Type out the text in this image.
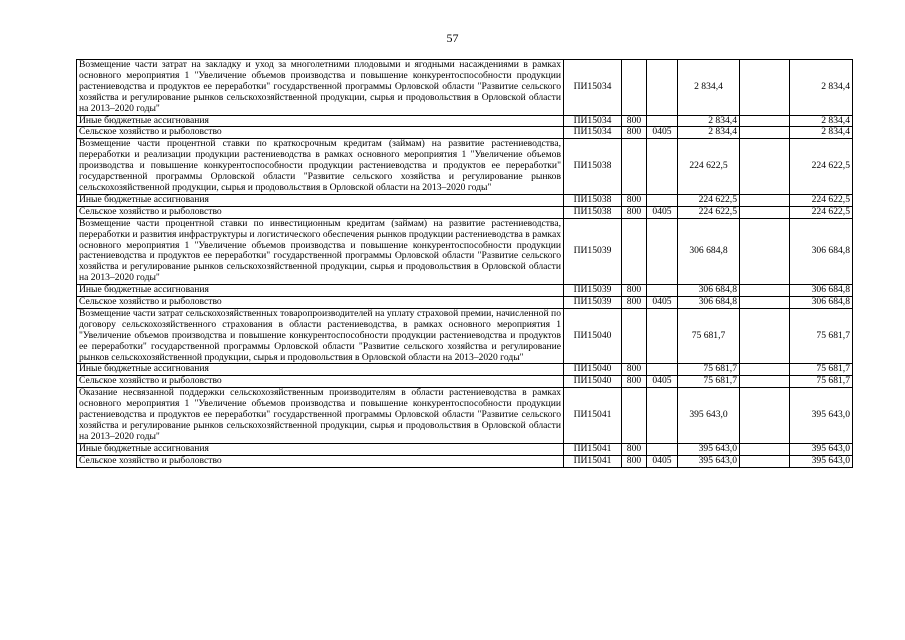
57
Возмещение части затрат на закладку и уход за многолетними плодовыми и ягодными насаждениями в рамках основного мероприятия 1 "Увеличение объемов производства и повышение конкурентоспособности продукции растениеводства и продуктов ее переработки" государственной программы Орловской области "Развитие сельского хозяйства и регулирование рынков сельскохозяйственной продукции, сырья и продовольствия в Орловской области на 2013–2020 годы"	ПИ15034			2 834,4		2 834,4
Иные бюджетные ассигнования	ПИ15034	800		2 834,4		2 834,4
Сельское хозяйство и рыболовство	ПИ15034	800	0405	2 834,4		2 834,4
Возмещение части процентной ставки по краткосрочным кредитам (займам) на развитие растениеводства, переработки и реализации продукции растениеводства в рамках основного мероприятия 1 "Увеличение объемов производства и повышение конкурентоспособности продукции растениеводства и продуктов ее переработки" государственной программы Орловской области "Развитие сельского хозяйства и регулирование рынков сельскохозяйственной продукции, сырья и продовольствия в Орловской области на 2013–2020 годы"	ПИ15038			224 622,5		224 622,5
Иные бюджетные ассигнования	ПИ15038	800		224 622,5		224 622,5
Сельское хозяйство и рыболовство	ПИ15038	800	0405	224 622,5		224 622,5
Возмещение части процентной ставки по инвестиционным кредитам (займам) на развитие растениеводства, переработки и развития инфраструктуры и логистического обеспечения рынков продукции растениеводства в рамках основного мероприятия 1 "Увеличение объемов производства и повышение конкурентоспособности продукции растениеводства и продуктов ее переработки" государственной программы Орловской области "Развитие сельского хозяйства и регулирование рынков сельскохозяйственной продукции, сырья и продовольствия в Орловской области на 2013–2020 годы"	ПИ15039			306 684,8		306 684,8
Иные бюджетные ассигнования	ПИ15039	800		306 684,8		306 684,8
Сельское хозяйство и рыболовство	ПИ15039	800	0405	306 684,8		306 684,8
Возмещение части затрат сельскохозяйственных товаропроизводителей на уплату страховой премии, начисленной по договору сельскохозяйственного страхования в области растениеводства, в рамках основного мероприятия 1 "Увеличение объемов производства и повышение конкурентоспособности продукции растениеводства и продуктов ее переработки" государственной программы Орловской области "Развитие сельского хозяйства и регулирование рынков сельскохозяйственной продукции, сырья и продовольствия в Орловской области на 2013–2020 годы"	ПИ15040			75 681,7		75 681,7
Иные бюджетные ассигнования	ПИ15040	800		75 681,7		75 681,7
Сельское хозяйство и рыболовство	ПИ15040	800	0405	75 681,7		75 681,7
Оказание несвязанной поддержки сельскохозяйственным производителям в области растениеводства в рамках основного мероприятия 1 "Увеличение объемов производства и повышение конкурентоспособности продукции растениеводства и продуктов ее переработки" государственной программы Орловской области "Развитие сельского хозяйства и регулирование рынков сельскохозяйственной продукции, сырья и продовольствия в Орловской области на 2013–2020 годы"	ПИ15041			395 643,0		395 643,0
Иные бюджетные ассигнования	ПИ15041	800		395 643,0		395 643,0
Сельское хозяйство и рыболовство	ПИ15041	800	0405	395 643,0		395 643,0
